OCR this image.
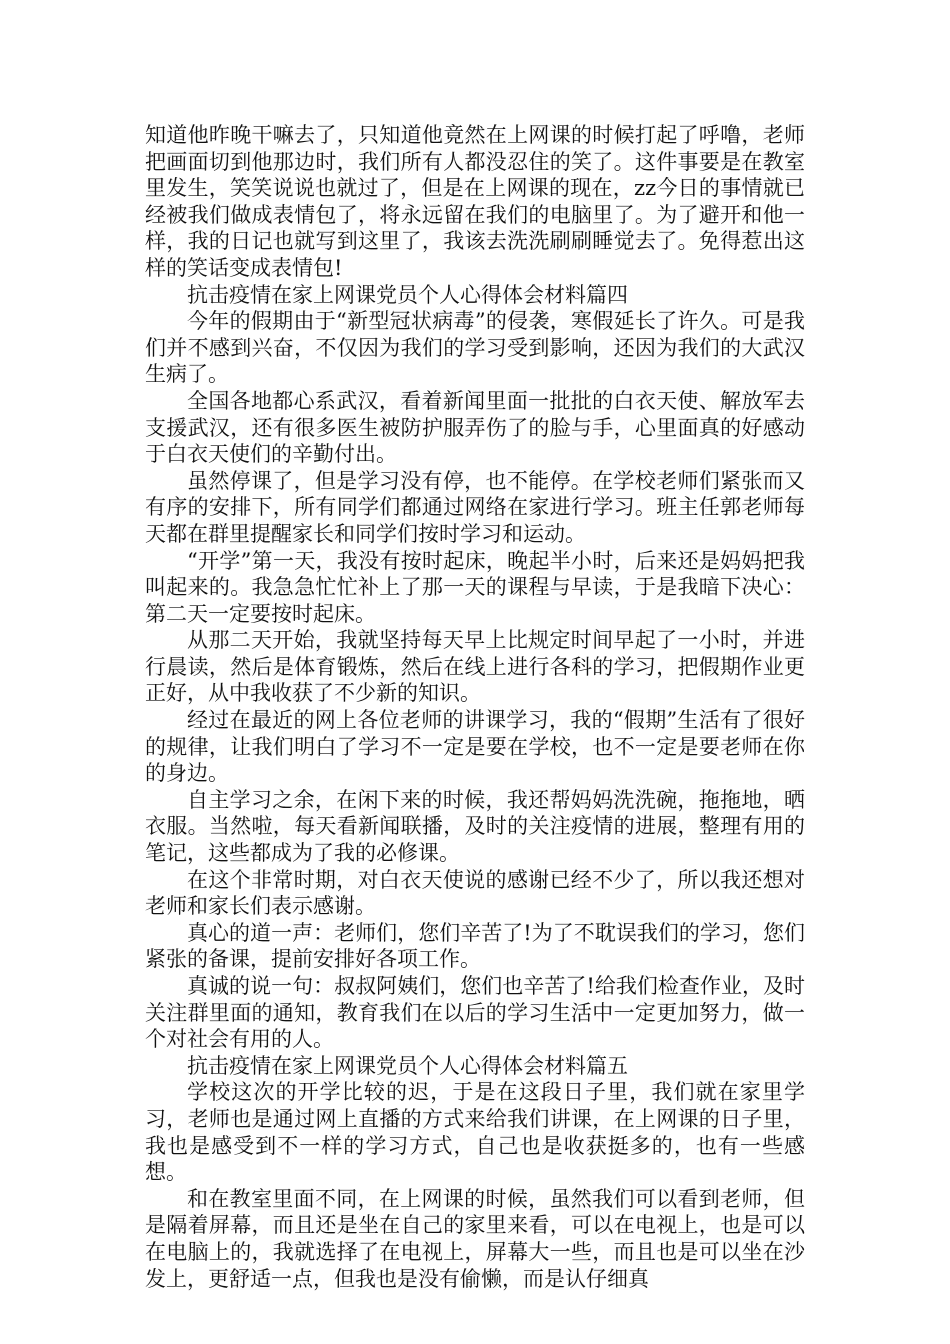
知道他昨晚干嘛去了，只知道他竟然在上网课的时候打起了呼噜，老师把画面切到他那边时，我们所有人都没忍住的笑了。这件事要是在教室里发生，笑笑说说也就过了，但是在上网课的现在，zz今日的事情就已经被我们做成表情包了，将永远留在我们的电脑里了。为了避开和他一样，我的日记也就写到这里了，我该去洗洗刷刷睡觉去了。免得惹出这样的笑话变成表情包!

抗击疫情在家上网课党员个人心得体会材料篇四

今年的假期由于“新型冠状病毒”的侵袭，寒假延长了许久。可是我们并不感到兴奋，不仅因为我们的学习受到影响，还因为我们的大武汉生病了。

全国各地都心系武汉，看着新闻里面一批批的白衣天使、解放军去支援武汉，还有很多医生被防护服弄伤了的脸与手，心里面真的好感动于白衣天使们的辛勤付出。

虽然停课了，但是学习没有停，也不能停。在学校老师们紧张而又有序的安排下，所有同学们都通过网络在家进行学习。班主任郭老师每天都在群里提醒家长和同学们按时学习和运动。

“开学”第一天，我没有按时起床，晚起半小时，后来还是妈妈把我叫起来的。我急急忙忙补上了那一天的课程与早读，于是我暗下决心：第二天一定要按时起床。

从那二天开始，我就坚持每天早上比规定时间早起了一小时，并进行晨读，然后是体育锻炼，然后在线上进行各科的学习，把假期作业更正好，从中我收获了不少新的知识。

经过在最近的网上各位老师的讲课学习，我的“假期”生活有了很好的规律，让我们明白了学习不一定是要在学校，也不一定是要老师在你的身边。

自主学习之余，在闲下来的时候，我还帮妈妈洗洗碗，拖拖地，晒衣服。当然啦，每天看新闻联播，及时的关注疫情的进展，整理有用的笔记，这些都成为了我的必修课。

在这个非常时期，对白衣天使说的感谢已经不少了，所以我还想对老师和家长们表示感谢。

真心的道一声：老师们，您们辛苦了!为了不耽误我们的学习，您们紧张的备课，提前安排好各项工作。

真诚的说一句：叔叔阿姨们，您们也辛苦了!给我们检查作业，及时关注群里面的通知，教育我们在以后的学习生活中一定更加努力，做一个对社会有用的人。

抗击疫情在家上网课党员个人心得体会材料篇五

学校这次的开学比较的迟，于是在这段日子里，我们就在家里学习，老师也是通过网上直播的方式来给我们讲课，在上网课的日子里，我也是感受到不一样的学习方式，自己也是收获挺多的，也有一些感想。

和在教室里面不同，在上网课的时候，虽然我们可以看到老师，但是隔着屏幕，而且还是坐在自己的家里来看，可以在电视上，也是可以在电脑上的，我就选择了在电视上，屏幕大一些，而且也是可以坐在沙发上，更舒适一点，但我也是没有偷懒，而是认仔细真
